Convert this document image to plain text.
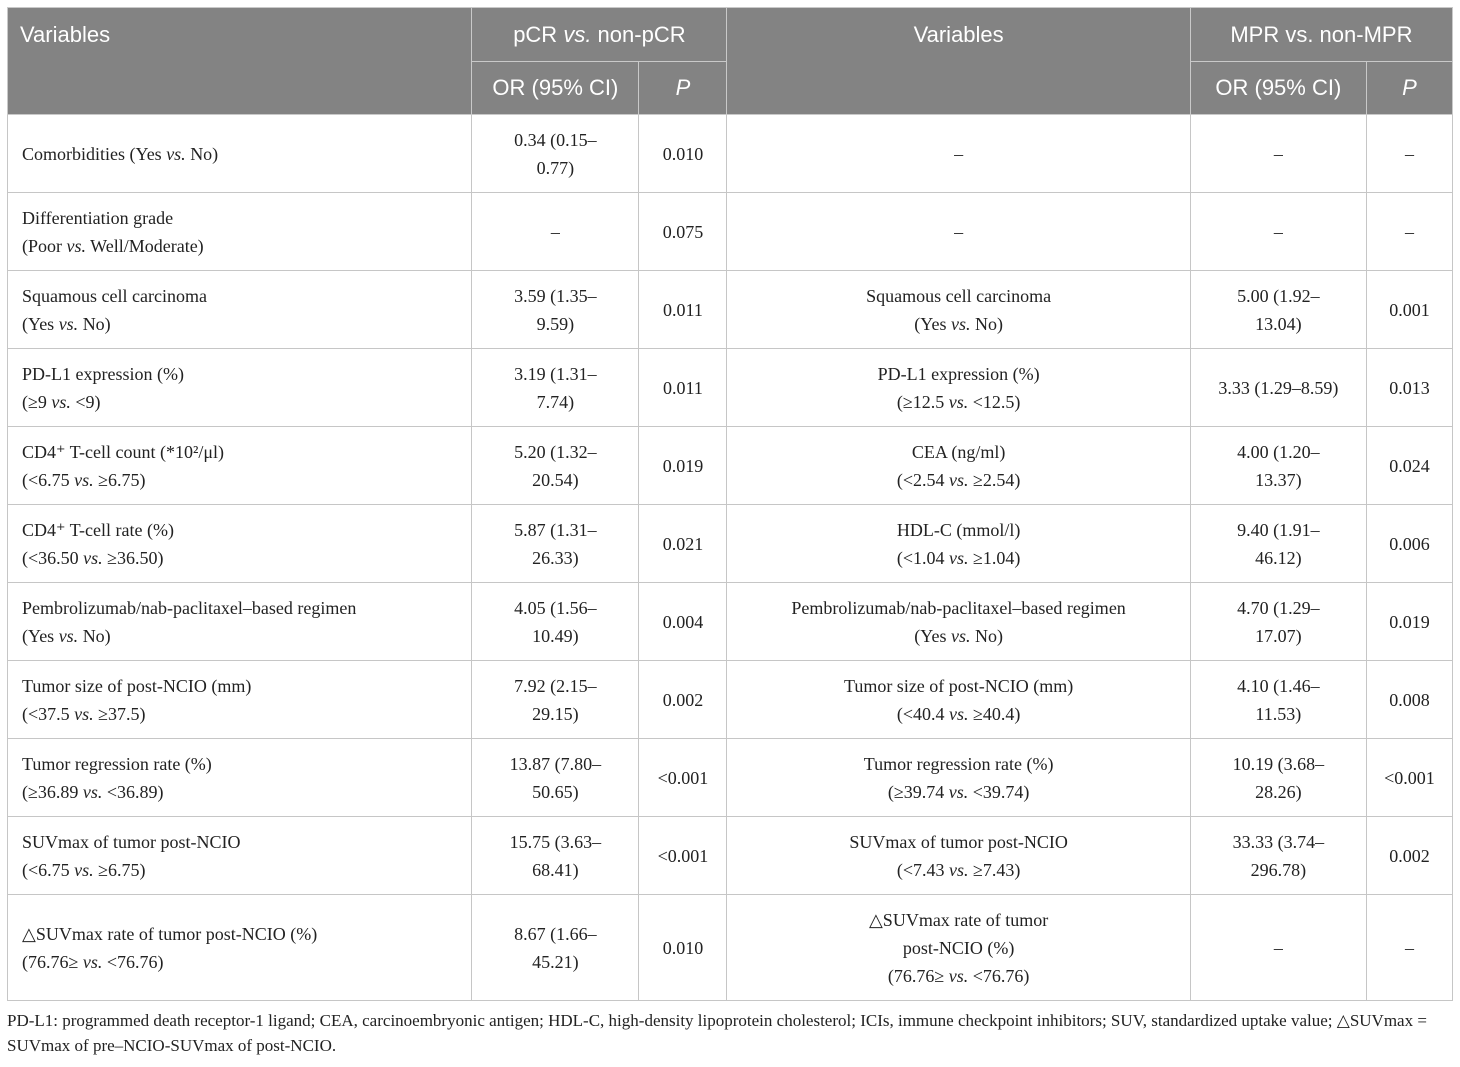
Variables	pCR vs. non-pCR		Variables	MPR vs. non-MPR	
	OR (95% CI)	P		OR (95% CI)	P

Comorbidities (Yes vs. No)	0.34 (0.15–
0.77)	0.010	–	–	–

Differentiation grade
(Poor vs. Well/Moderate)	–	0.075	–	–	–

Squamous cell carcinoma
(Yes vs. No)	3.59 (1.35–
9.59)	0.011	Squamous cell carcinoma
(Yes vs. No)	5.00 (1.92–
13.04)	0.001

PD-L1 expression (%)
(≥9 vs. <9)	3.19 (1.31–
7.74)	0.011	PD-L1 expression (%)
(≥12.5 vs. <12.5)	3.33 (1.29–8.59)	0.013

CD4⁺ T-cell count (*10²/μl)
(<6.75 vs. ≥6.75)	5.20 (1.32–
20.54)	0.019	CEA (ng/ml)
(<2.54 vs. ≥2.54)	4.00 (1.20–
13.37)	0.024

CD4⁺ T-cell rate (%)
(<36.50 vs. ≥36.50)	5.87 (1.31–
26.33)	0.021	HDL-C (mmol/l)
(<1.04 vs. ≥1.04)	9.40 (1.91–
46.12)	0.006

Pembrolizumab/nab-paclitaxel–based regimen
(Yes vs. No)	4.05 (1.56–
10.49)	0.004	Pembrolizumab/nab-paclitaxel–based regimen
(Yes vs. No)	4.70 (1.29–
17.07)	0.019

Tumor size of post-NCIO (mm)
(<37.5 vs. ≥37.5)	7.92 (2.15–
29.15)	0.002	Tumor size of post-NCIO (mm)
(<40.4 vs. ≥40.4)	4.10 (1.46–
11.53)	0.008

Tumor regression rate (%)
(≥36.89 vs. <36.89)	13.87 (7.80–
50.65)	<0.001	Tumor regression rate (%)
(≥39.74 vs. <39.74)	10.19 (3.68–
28.26)	<0.001

SUVmax of tumor post-NCIO
(<6.75 vs. ≥6.75)	15.75 (3.63–
68.41)	<0.001	SUVmax of tumor post-NCIO
(<7.43 vs. ≥7.43)	33.33 (3.74–
296.78)	0.002

△SUVmax rate of tumor post-NCIO (%)
(76.76≥ vs. <76.76)	8.67 (1.66–
45.21)	0.010	△SUVmax rate of tumor
post-NCIO (%)
(76.76≥ vs. <76.76)	–	–
PD-L1: programmed death receptor-1 ligand; CEA, carcinoembryonic antigen; HDL-C, high-density lipoprotein cholesterol; ICIs, immune checkpoint inhibitors; SUV, standardized uptake value; △SUVmax = SUVmax of pre–NCIO-SUVmax of post-NCIO.
